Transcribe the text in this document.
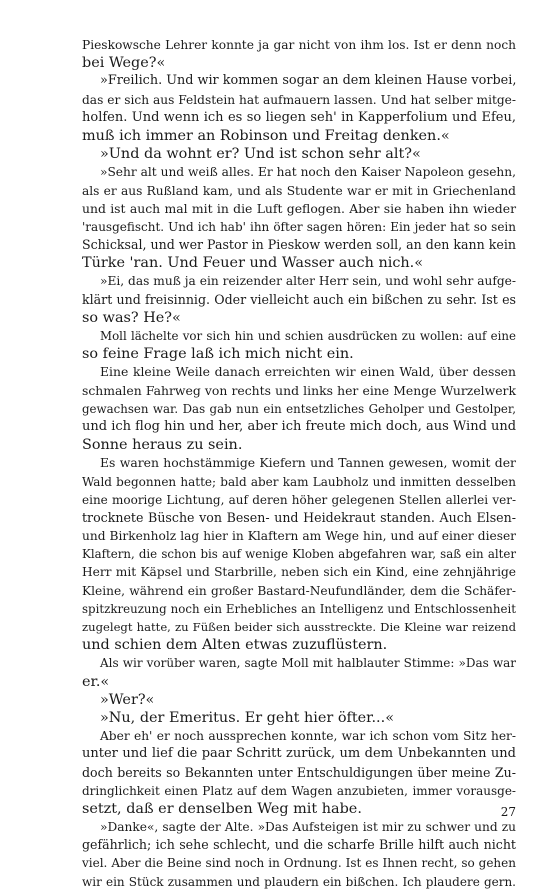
Pieskowsche Lehrer konnte ja gar nicht von ihm los. Ist er denn noch
bei Wege?«
»Freilich. Und wir kommen sogar an dem kleinen Hause vorbei,
das er sich aus Feldstein hat aufmauern lassen. Und hat selber mitge-
holfen. Und wenn ich es so liegen seh' in Kapperfolium und Efeu,
muß ich immer an Robinson und Freitag denken.«
»Und da wohnt er? Und ist schon sehr alt?«
»Sehr alt und weiß alles. Er hat noch den Kaiser Napoleon gesehn,
als er aus Rußland kam, und als Studente war er mit in Griechenland
und ist auch mal mit in die Luft geflogen. Aber sie haben ihn wieder
'rausgefischt. Und ich hab' ihn öfter sagen hören: Ein jeder hat so sein
Schicksal, und wer Pastor in Pieskow werden soll, an den kann kein
Türke 'ran. Und Feuer und Wasser auch nich.«
»Ei, das muß ja ein reizender alter Herr sein, und wohl sehr aufge-
klärt und freisinnig. Oder vielleicht auch ein bißchen zu sehr. Ist es
so was? He?«
Moll lächelte vor sich hin und schien ausdrücken zu wollen: auf eine
so feine Frage laß ich mich nicht ein.
Eine kleine Weile danach erreichten wir einen Wald, über dessen
schmalen Fahrweg von rechts und links her eine Menge Wurzelwerk
gewachsen war. Das gab nun ein entsetzliches Geholper und Gestolper,
und ich flog hin und her, aber ich freute mich doch, aus Wind und
Sonne heraus zu sein.
Es waren hochstämmige Kiefern und Tannen gewesen, womit der
Wald begonnen hatte; bald aber kam Laubholz und inmitten desselben
eine moorige Lichtung, auf deren höher gelegenen Stellen allerlei ver-
trocknete Büsche von Besen- und Heidekraut standen. Auch Elsen-
und Birkenholz lag hier in Klaftern am Wege hin, und auf einer dieser
Klaftern, die schon bis auf wenige Kloben abgefahren war, saß ein alter
Herr mit Käpsel und Starbrille, neben sich ein Kind, eine zehnjährige
Kleine, während ein großer Bastard-Neufundländer, dem die Schäfer-
spitzkreuzung noch ein Erhebliches an Intelligenz und Entschlossenheit
zugelegt hatte, zu Füßen beider sich ausstreckte. Die Kleine war reizend
und schien dem Alten etwas zuzuflüstern.
Als wir vorüber waren, sagte Moll mit halblauter Stimme: »Das war
er.«
»Wer?«
»Nu, der Emeritus. Er geht hier öfter...«
Aber eh' er noch aussprechen konnte, war ich schon vom Sitz her-
unter und lief die paar Schritt zurück, um dem Unbekannten und
doch bereits so Bekannten unter Entschuldigungen über meine Zu-
dringlichkeit einen Platz auf dem Wagen anzubieten, immer vorausge-
setzt, daß er denselben Weg mit habe.
»Danke«, sagte der Alte. »Das Aufsteigen ist mir zu schwer und zu
gefährlich; ich sehe schlecht, und die scharfe Brille hilft auch nicht
viel. Aber die Beine sind noch in Ordnung. Ist es Ihnen recht, so gehen
wir ein Stück zusammen und plaudern ein bißchen. Ich plaudere gern.
27
